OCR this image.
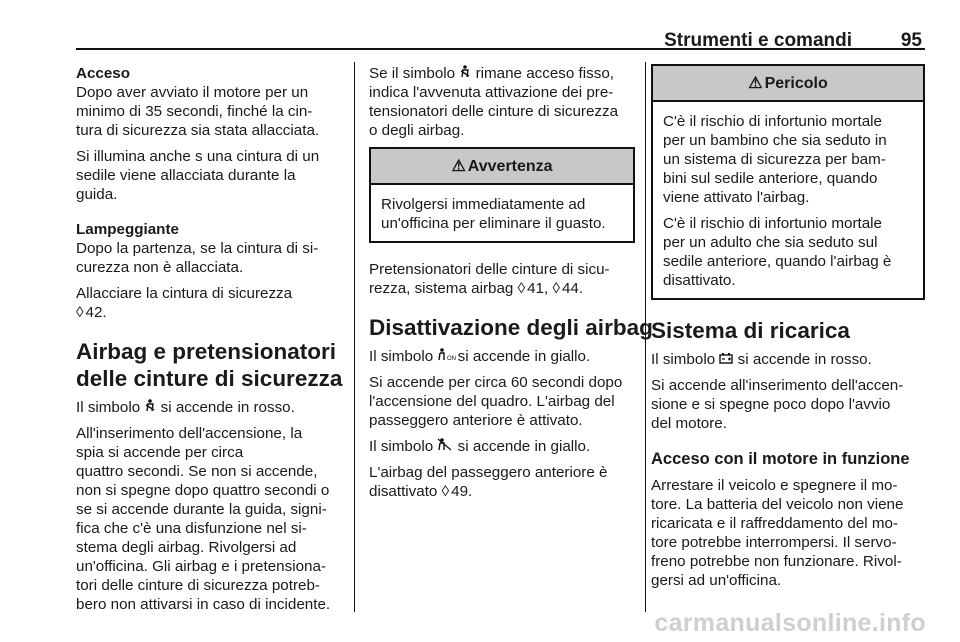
Strumenti e comandi	95
Acceso
Dopo aver avviato il motore per un
minimo di 35 secondi, finché la cin-
tura di sicurezza sia stata allacciata.
Si illumina anche s una cintura di un
sedile viene allacciata durante la
guida.
Lampeggiante
Dopo la partenza, se la cintura di si-
curezza non è allacciata.
Allacciare la cintura di sicurezza
◊ 42.
Airbag e pretensionatori
delle cinture di sicurezza
Il simbolo si accende in rosso.
All'inserimento dell'accensione, la
spia si accende per circa
quattro secondi. Se non si accende,
non si spegne dopo quattro secondi o
se si accende durante la guida, signi-
fica che c'è una disfunzione nel si-
stema degli airbag. Rivolgersi ad
un'officina. Gli airbag e i pretensiona-
tori delle cinture di sicurezza potreb-
bero non attivarsi in caso di incidente.
Se il simbolo rimane acceso fisso,
indica l'avvenuta attivazione dei pre-
tensionatori delle cinture di sicurezza
o degli airbag.
⚠ Avvertenza
Rivolgersi immediatamente ad
un'officina per eliminare il guasto.
Pretensionatori delle cinture di sicu-
rezza, sistema airbag ◊ 41, ◊ 44.
Disattivazione degli airbag
Il simbolo ON si accende in giallo.
Si accende per circa 60 secondi dopo
l'accensione del quadro. L'airbag del
passeggero anteriore è attivato.
Il simbolo si accende in giallo.
L'airbag del passeggero anteriore è
disattivato ◊ 49.
⚠ Pericolo
C'è il rischio di infortunio mortale
per un bambino che sia seduto in
un sistema di sicurezza per bam-
bini sul sedile anteriore, quando
viene attivato l'airbag.
C'è il rischio di infortunio mortale
per un adulto che sia seduto sul
sedile anteriore, quando l'airbag è
disattivato.
Sistema di ricarica
Il simbolo si accende in rosso.
Si accende all'inserimento dell'accen-
sione e si spegne poco dopo l'avvio
del motore.
Acceso con il motore in funzione
Arrestare il veicolo e spegnere il mo-
tore. La batteria del veicolo non viene
ricaricata e il raffreddamento del mo-
tore potrebbe interrompersi. Il servo-
freno potrebbe non funzionare. Rivol-
gersi ad un'officina.
carmanualsonline.info
